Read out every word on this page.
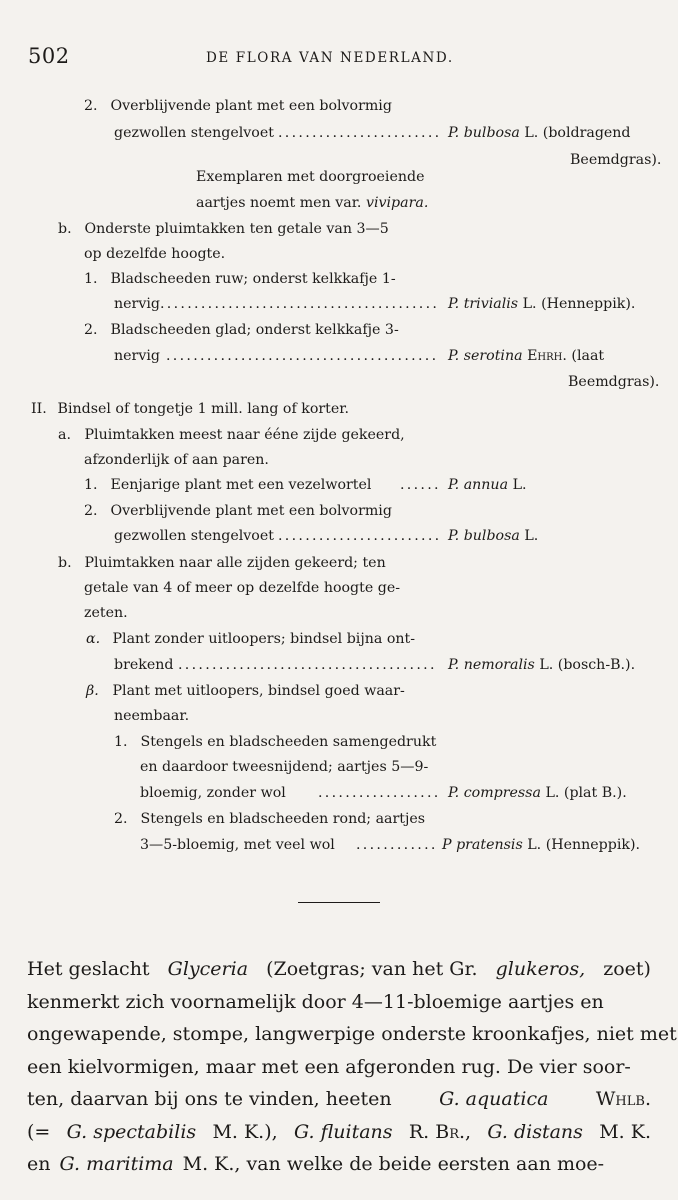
502	DE FLORA VAN NEDERLAND.
2. Overblijvende plant met een bolvormig
gezwollen stengelvoet .....	P. bulbosa L. (boldragend
Beemdgras).
Exemplaren met doorgroeiende
aartjes noemt men var. vivipara.
b. Onderste pluimtakken ten getale van 3—5
op dezelfde hoogte.
1. Bladscheeden ruw; onderst kelkkafje 1-
nervig .....	P. trivialis L. (Henneppik).
2. Bladscheeden glad; onderst kelkkafje 3-
nervig .....	P. serotina Ehrh. (laat
Beemdgras).
II. Bindsel of tongetje 1 mill. lang of korter.
a. Pluimtakken meest naar ééne zijde gekeerd,
afzonderlijk of aan paren.
1. Eenjarige plant met een vezelwortel .....	P. annua L.
2. Overblijvende plant met een bolvormig
gezwollen stengelvoet .....	P. bulbosa L.
b. Pluimtakken naar alle zijden gekeerd; ten
getale van 4 of meer op dezelfde hoogte ge-
zeten.
α. Plant zonder uitloopers; bindsel bijna ont-
brekend .....	P. nemoralis L. (bosch-B.).
β. Plant met uitloopers, bindsel goed waar-
neembaar.
1. Stengels en bladscheeden samengedrukt
en daardoor tweesnijdend; aartjes 5—9-
bloemig, zonder wol .....	P. compressa L. (plat B.).
2. Stengels en bladscheeden rond; aartjes
3—5-bloemig, met veel wol .....	P pratensis L. (Henneppik).
Het geslacht Glyceria (Zoetgras; van het Gr. glukeros, zoet)
kenmerkt zich voornamelijk door 4—11-bloemige aartjes en
ongewapende, stompe, langwerpige onderste kroonkafjes, niet met
een kielvormigen, maar met een afgeronden rug. De vier soor-
ten, daarvan bij ons te vinden, heeten G. aquatica Whlb.
(= G. spectabilis M. K.), G. fluitans R. Br., G. distans M. K.
en G. maritima M. K., van welke de beide eersten aan moe-
